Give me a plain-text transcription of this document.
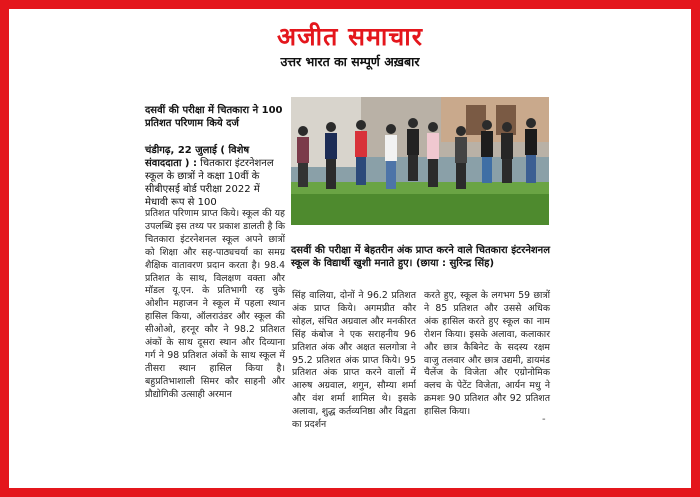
अजीत समाचार
उत्तर भारत का सम्पूर्ण अख़बार
दसवीं की परीक्षा में चितकारा ने 100 प्रतिशत परिणाम किये दर्ज
चंडीगढ़, 22 जुलाई ( विशेष संवाददाता ) : चितकारा इंटरनेशनल स्कूल के छात्रों ने कक्षा 10वीं के सीबीएसई बोर्ड परीक्षा 2022 में मेधावी रूप से 100
दसवीं की परीक्षा में बेहतरीन अंक प्राप्त करने वाले चितकारा इंटरनेशनल स्कूल के विद्यार्थी खुशी मनाते हुए। (छाया : सुरिन्द्र सिंह)

प्रतिशत परिणाम प्राप्त किये। स्कूल की यह उपलब्धि इस तथ्य पर प्रकाश डालती है कि चितकारा इंटरनेशनल स्कूल अपने छात्रों को शिक्षा और सह-पाठ्यचर्या का समग्र शैक्षिक वातावरण प्रदान करता है। 98.4 प्रतिशत के साथ, विलक्षण वक्ता और मॉडल यू.एन. के प्रतिभागी रह चुके ओशीन महाजन ने स्कूल में पहला स्थान हासिल किया, ऑलराउंडर और स्कूल की सीओओ, हरनूर कौर ने 98.2 प्रतिशत अंकों के साथ दूसरा स्थान और दिव्याना गर्ग ने 98 प्रतिशत अंकों के साथ स्कूल में तीसरा स्थान हासिल किया है। बहुप्रतिभाशाली सिमर कौर साहनी और प्रौद्योगिकी उत्साही अरमान

सिंह वालिया, दोनों ने 96.2 प्रतिशत अंक प्राप्त किये। अगमप्रीत कौर सोहल, संचित अग्रवाल और मनकीरत सिंह कंबोज ने एक सराहनीय 96 प्रतिशत अंक और अक्षत सलगोत्रा ने 95.2 प्रतिशत अंक प्राप्त किये। 95 प्रतिशत अंक प्राप्त करने वालों में आरुष अग्रवाल, शगुन, सौम्या शर्मा और वंश शर्मा शामिल थे। इसके अलावा, शुद्ध कर्तव्यनिष्ठा और विद्वता का प्रदर्शन

करते हुए, स्कूल के लगभग 59 छात्रों ने 85 प्रतिशत और उससे अधिक अंक हासिल करते हुए स्कूल का नाम रोशन किया। इसके अलावा, कलाकार और छात्र कैबिनेट के सदस्य रक्षम वाजु तलवार और छात्र उद्यमी, डायमंड चैलेंज के विजेता और एग्रोनोमिक क्लच के पेटेंट विजेता, आर्यन मधु ने क्रमशः 90 प्रतिशत और 92 प्रतिशत हासिल किया।

-
